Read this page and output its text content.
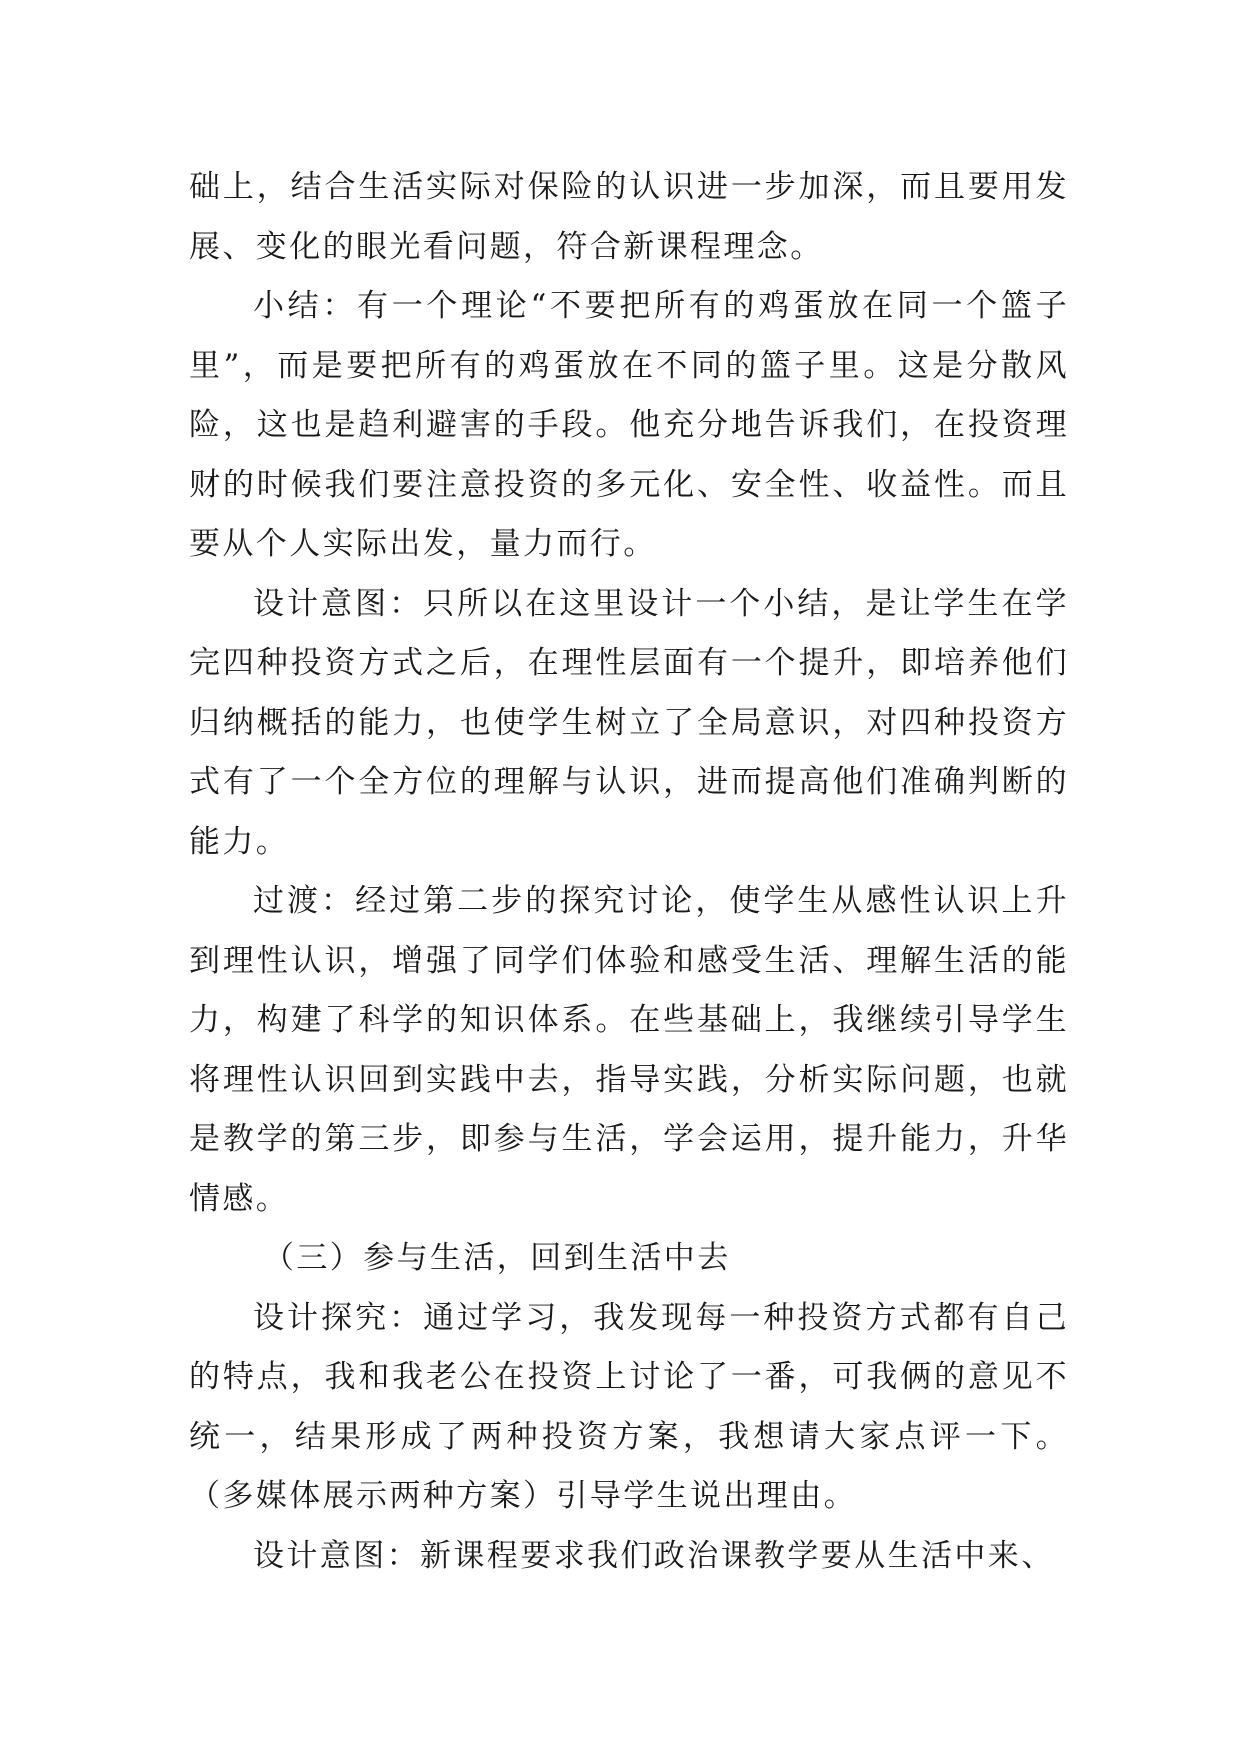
础上，结合生活实际对保险的认识进一步加深，而且要用发展、变化的眼光看问题，符合新课程理念。

小结：有一个理论“不要把所有的鸡蛋放在同一个篮子里”，而是要把所有的鸡蛋放在不同的篮子里。这是分散风险，这也是趋利避害的手段。他充分地告诉我们，在投资理财的时候我们要注意投资的多元化、安全性、收益性。而且要从个人实际出发，量力而行。

设计意图：只所以在这里设计一个小结，是让学生在学完四种投资方式之后，在理性层面有一个提升，即培养他们归纳概括的能力，也使学生树立了全局意识，对四种投资方式有了一个全方位的理解与认识，进而提高他们准确判断的能力。

过渡：经过第二步的探究讨论，使学生从感性认识上升到理性认识，增强了同学们体验和感受生活、理解生活的能力，构建了科学的知识体系。在些基础上，我继续引导学生将理性认识回到实践中去，指导实践，分析实际问题，也就是教学的第三步，即参与生活，学会运用，提升能力，升华情感。

（三）参与生活，回到生活中去

设计探究：通过学习，我发现每一种投资方式都有自己的特点，我和我老公在投资上讨论了一番，可我俩的意见不统一，结果形成了两种投资方案，我想请大家点评一下。（多媒体展示两种方案）引导学生说出理由。

设计意图：新课程要求我们政治课教学要从生活中来、
